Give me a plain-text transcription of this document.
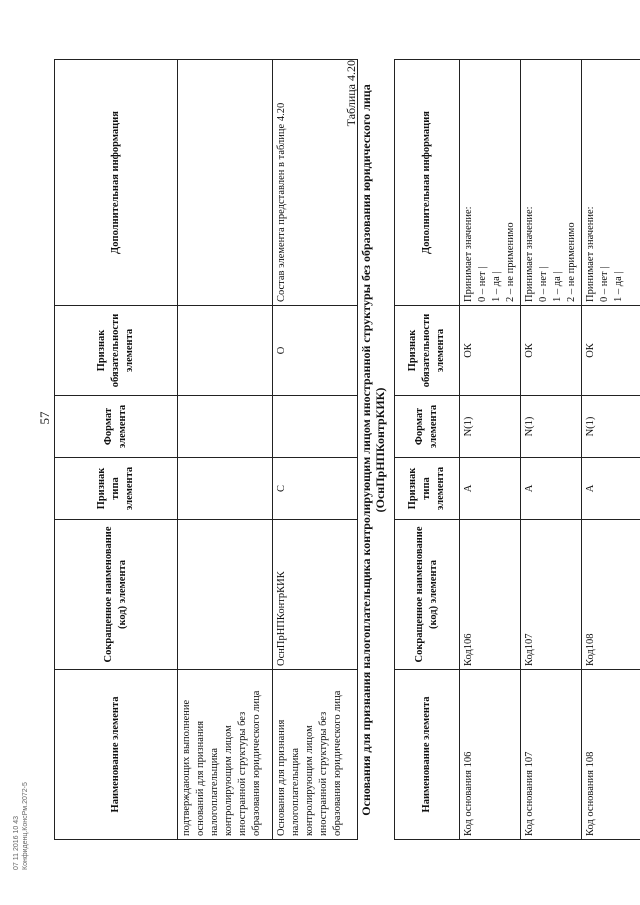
57
Наименование элемента	Сокращенное наименование (код) элемента	Признак типа элемента	Формат элемента	Признак обязательности элемента	Дополнительная информация
подтверждающих выполнение оснований для признания налогоплательщика контролирующим лицом иностранной структуры без образования юридического лица					
Основания для признания налогоплательщика контролирующим лицом иностранной структуры без образования юридического лица	ОснПрНПКонтрКИК	С		О	Состав элемента представлен в таблице 4.20
Таблица 4.20 Основания для признания налогоплательщика контролирующим лицом иностранной структуры без образования юридического лица (ОснПрНПКонтрКИК)
Наименование элемента	Сокращенное наименование (код) элемента	Признак типа элемента	Формат элемента	Признак обязательности элемента	Дополнительная информация
Код основания 106	Код106	А	N(1)	ОК	Принимает значение: 0 – нет | 1 – да | 2 – не применимо

Код основания 107	Код107	А	N(1)	ОК	Принимает значение: 0 – нет | 1 – да | 2 – не применимо

Код основания 108	Код108	А	N(1)	ОК	Принимает значение: 0 – нет | 1 – да |
07 11 2016 10 43 Конфиденц.КонсРм.2072-5
